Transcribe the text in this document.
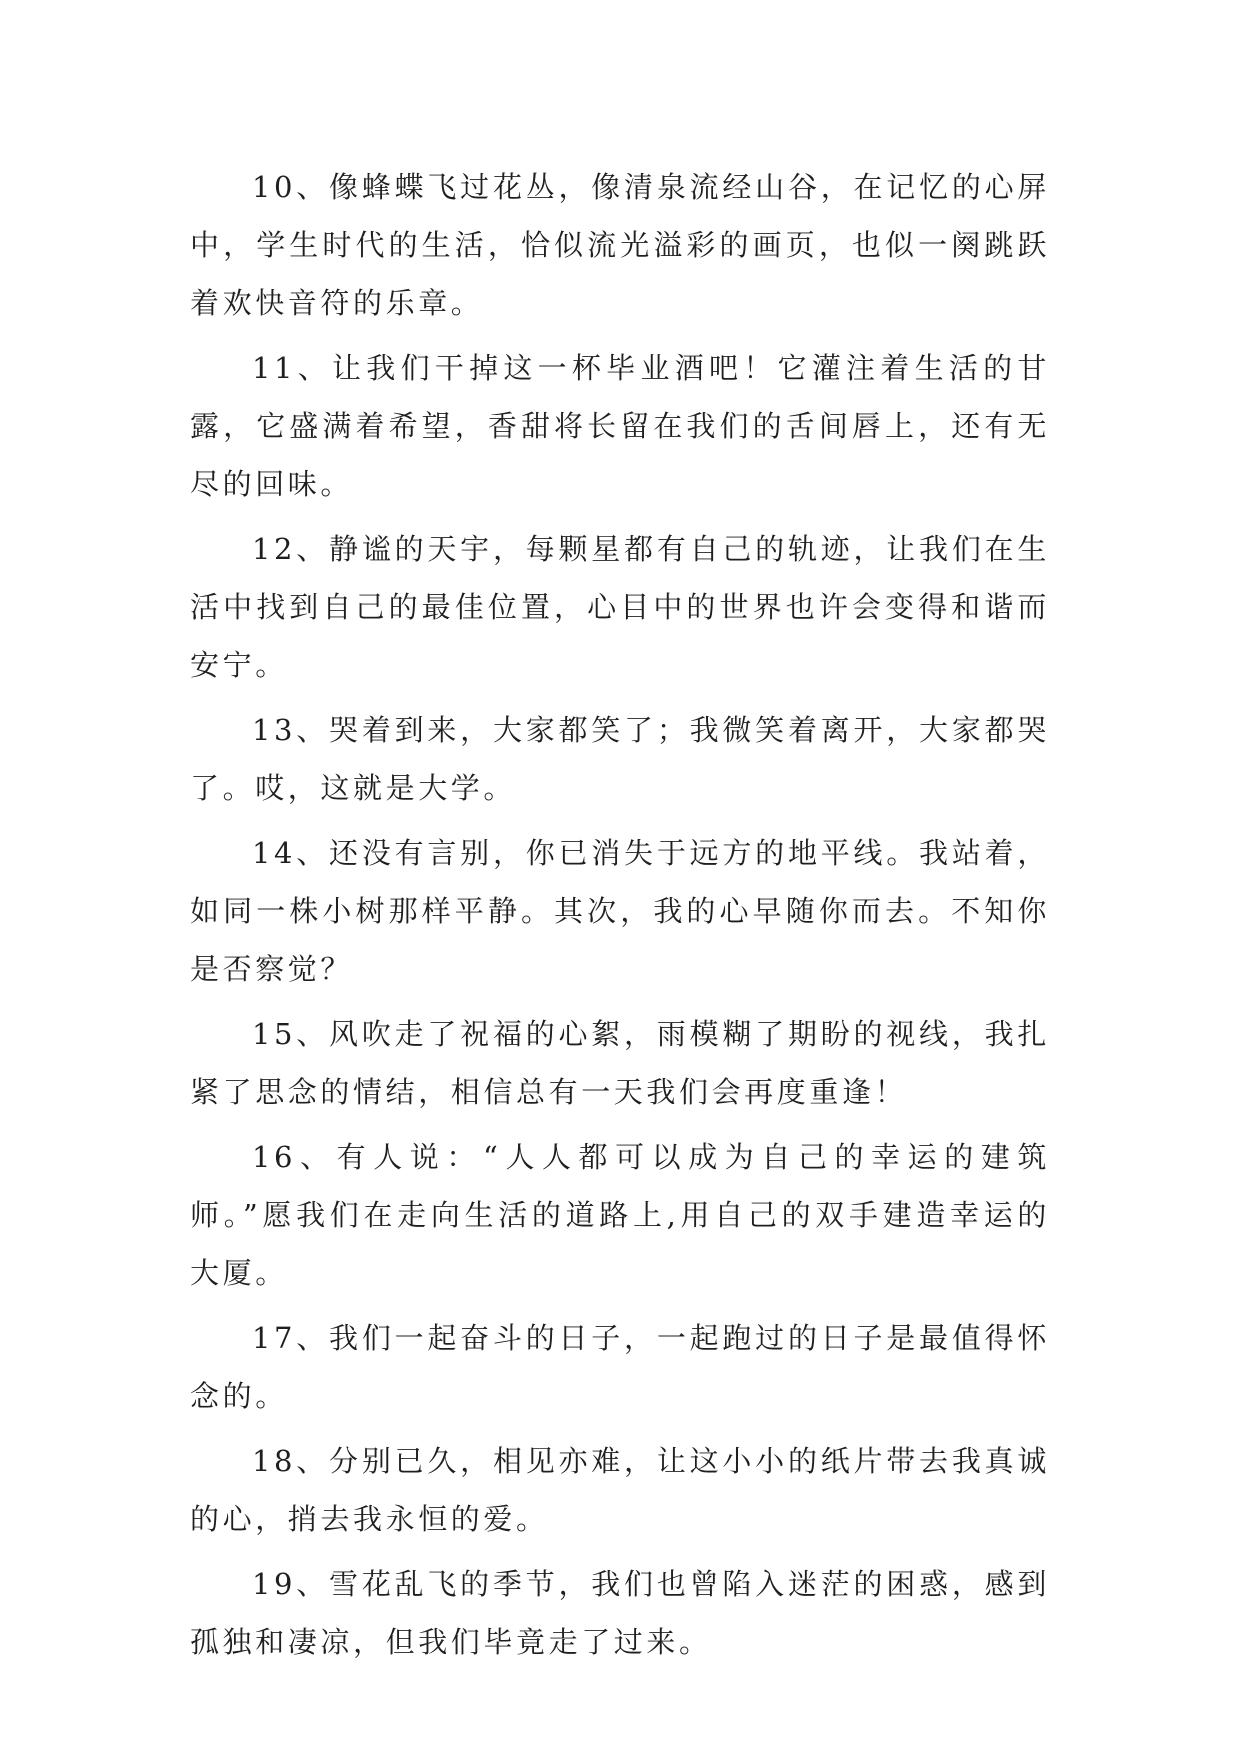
10、像蜂蝶飞过花丛，像清泉流经山谷，在记忆的心屏中，学生时代的生活，恰似流光溢彩的画页，也似一阕跳跃着欢快音符的乐章。

11、让我们干掉这一杯毕业酒吧！它灌注着生活的甘露，它盛满着希望，香甜将长留在我们的舌间唇上，还有无尽的回味。

12、静谧的天宇，每颗星都有自己的轨迹，让我们在生活中找到自己的最佳位置，心目中的世界也许会变得和谐而安宁。

13、哭着到来，大家都笑了；我微笑着离开，大家都哭了。哎，这就是大学。

14、还没有言别，你已消失于远方的地平线。我站着，如同一株小树那样平静。其次，我的心早随你而去。不知你是否察觉？

15、风吹走了祝福的心絮，雨模糊了期盼的视线，我扎紧了思念的情结，相信总有一天我们会再度重逢！

16、有人说：“人人都可以成为自己的幸运的建筑师。”愿我们在走向生活的道路上,用自己的双手建造幸运的大厦。

17、我们一起奋斗的日子，一起跑过的日子是最值得怀念的。

18、分别已久，相见亦难，让这小小的纸片带去我真诚的心，捎去我永恒的爱。

19、雪花乱飞的季节，我们也曾陷入迷茫的困惑，感到孤独和凄凉，但我们毕竟走了过来。
